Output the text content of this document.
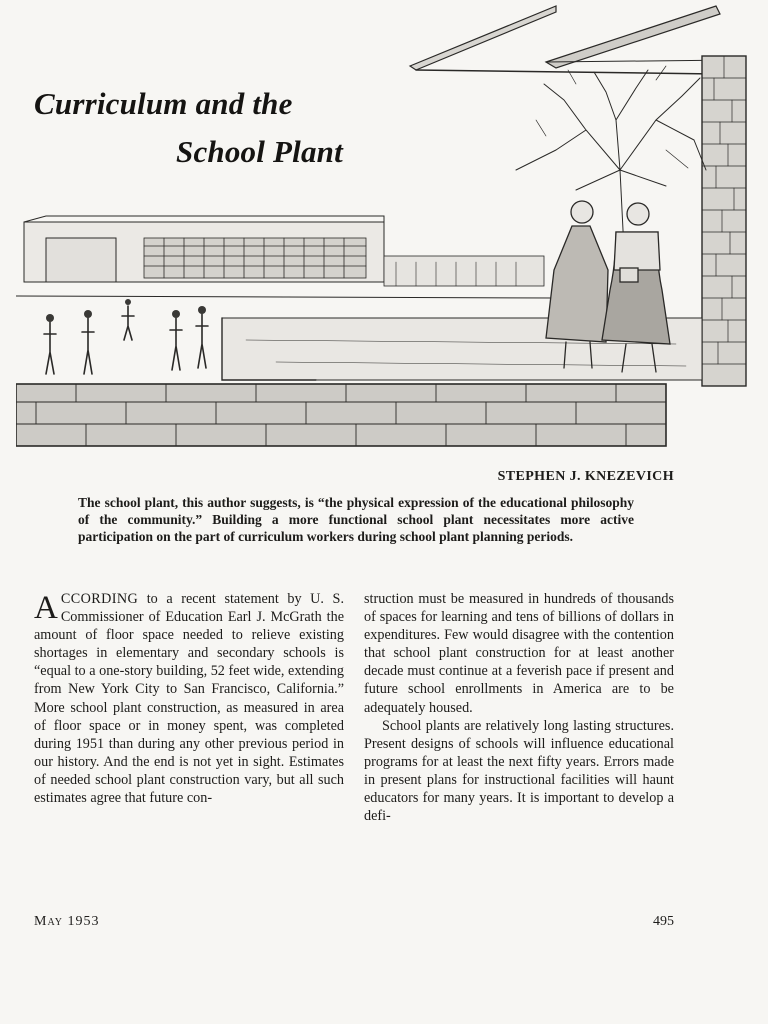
Curriculum and the
School Plant
STEPHEN J. KNEZEVICH

The school plant, this author suggests, is “the physical expression of the educational philosophy of the community.” Building a more functional school plant necessitates more active participation on the part of curriculum workers during school plant planning periods.

ACCORDING to a recent statement by U. S. Commissioner of Education Earl J. McGrath the amount of floor space needed to relieve existing shortages in elementary and secondary schools is “equal to a one-story building, 52 feet wide, extending from New York City to San Francisco, California.” More school plant construction, as measured in area of floor space or in money spent, was completed during 1951 than during any other previous period in our history. And the end is not yet in sight. Estimates of needed school plant construction vary, but all such estimates agree that future con-

struction must be measured in hundreds of thousands of spaces for learning and tens of billions of dollars in expenditures. Few would disagree with the contention that school plant construction for at least another decade must continue at a feverish pace if present and future school enrollments in America are to be adequately housed.

School plants are relatively long lasting structures. Present designs of schools will influence educational programs for at least the next fifty years. Errors made in present plans for instructional facilities will haunt educators for many years. It is important to develop a defi-

May 1953	495
